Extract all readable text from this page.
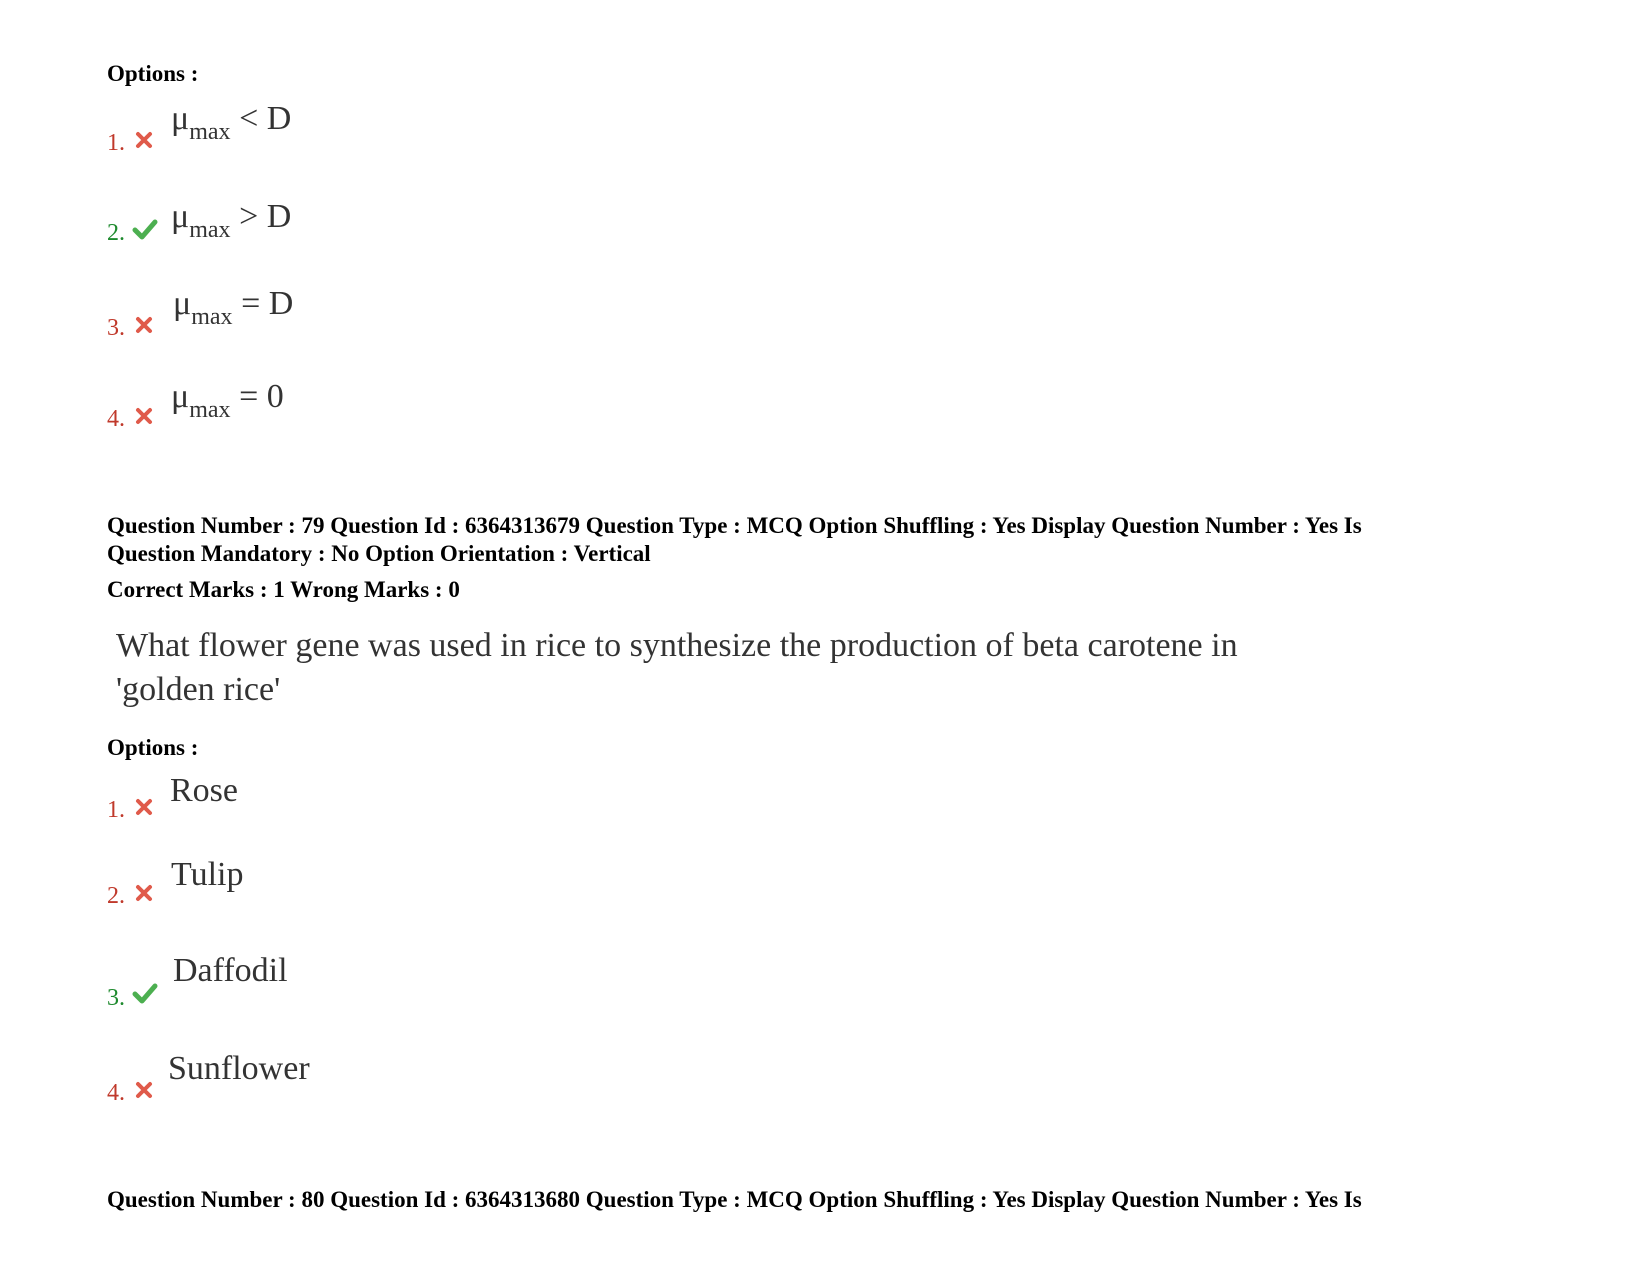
Options :
1.
$\mu_{max} < D$
2. $\mu_{max} > D$
3.
$\mu_{max} = D$
4.
$\mu_{max} = 0$
Question Number : 79 Question Id : 6364313679 Question Type : MCQ Option Shuffling : Yes Display Question Number : Yes Is
Question Mandatory : No Option Orientation : Vertical
Correct Marks : 1 Wrong Marks : 0
What flower gene was used in rice to synthesize the production of beta carotene in
'golden rice'
Options :
1.
Rose
2.
Tulip
3.
Daffodil
4.
Sunflower
Question Number : 80 Question Id : 6364313680 Question Type : MCQ Option Shuffling : Yes Display Question Number : Yes Is
